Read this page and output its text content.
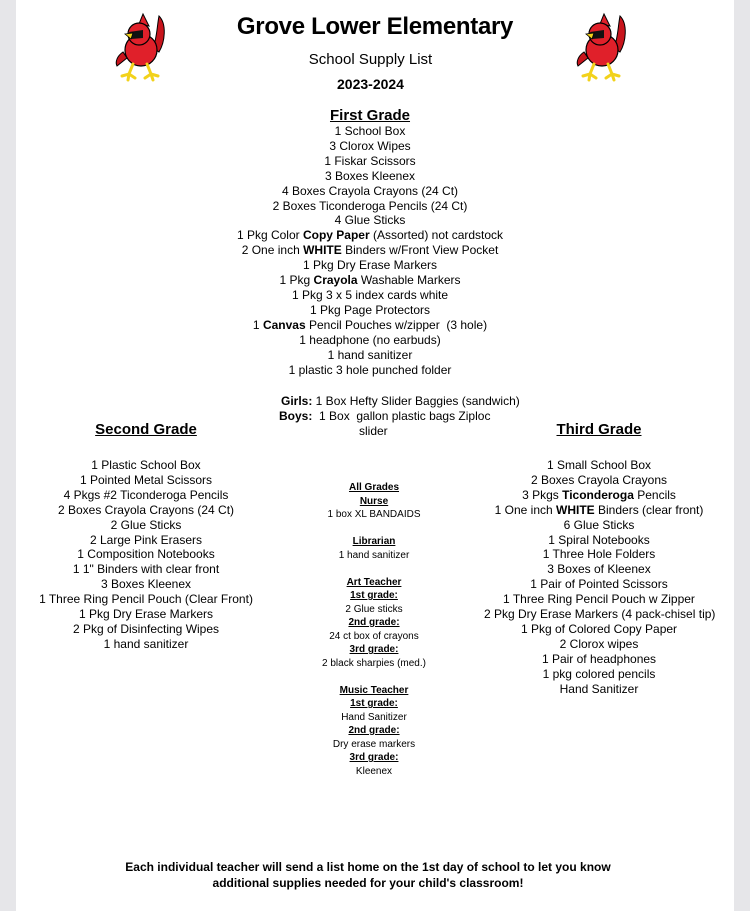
Grove Lower Elementary
School Supply List
2023-2024
First Grade
1 School Box
3 Clorox Wipes
1 Fiskar Scissors
3 Boxes Kleenex
4 Boxes Crayola Crayons (24 Ct)
2 Boxes Ticonderoga Pencils (24 Ct)
4 Glue Sticks
1 Pkg Color Copy Paper (Assorted) not cardstock
2 One inch WHITE Binders w/Front View Pocket
1 Pkg Dry Erase Markers
1 Pkg Crayola Washable Markers
1 Pkg 3 x 5 index cards white
1 Pkg Page Protectors
1 Canvas Pencil Pouches w/zipper  (3 hole)
1 headphone (no earbuds)
1 hand sanitizer
1 plastic 3 hole punched folder
Girls: 1 Box Hefty Slider Baggies (sandwich)
Boys:  1 Box  gallon plastic bags Ziploc
slider
Second Grade
1 Plastic School Box
1 Pointed Metal Scissors
4 Pkgs #2 Ticonderoga Pencils
2 Boxes Crayola Crayons (24 Ct)
2 Glue Sticks
2 Large Pink Erasers
1 Composition Notebooks
1 1" Binders with clear front
3 Boxes Kleenex
1 Three Ring Pencil Pouch (Clear Front)
1 Pkg Dry Erase Markers
2 Pkg of Disinfecting Wipes
1 hand sanitizer
Third Grade
1 Small School Box
2 Boxes Crayola Crayons
3 Pkgs Ticonderoga Pencils
1 One inch WHITE Binders (clear front)
6 Glue Sticks
1 Spiral Notebooks
1 Three Hole Folders
3 Boxes of Kleenex
1 Pair of Pointed Scissors
1 Three Ring Pencil Pouch w Zipper
2 Pkg Dry Erase Markers (4 pack-chisel tip)
1 Pkg of Colored Copy Paper
2 Clorox wipes
1 Pair of headphones
1 pkg colored pencils
Hand Sanitizer
All Grades
Nurse
1 box XL BANDAIDS
Librarian
1 hand sanitizer
Art Teacher
1st grade:
2 Glue sticks
2nd grade:
24 ct box of crayons
3rd grade:
2 black sharpies (med.)
Music Teacher
1st grade:
Hand Sanitizer
2nd grade:
Dry erase markers
3rd grade:
Kleenex
Each individual teacher will send a list home on the 1st day of school to let you know
additional supplies needed for your child's classroom!
